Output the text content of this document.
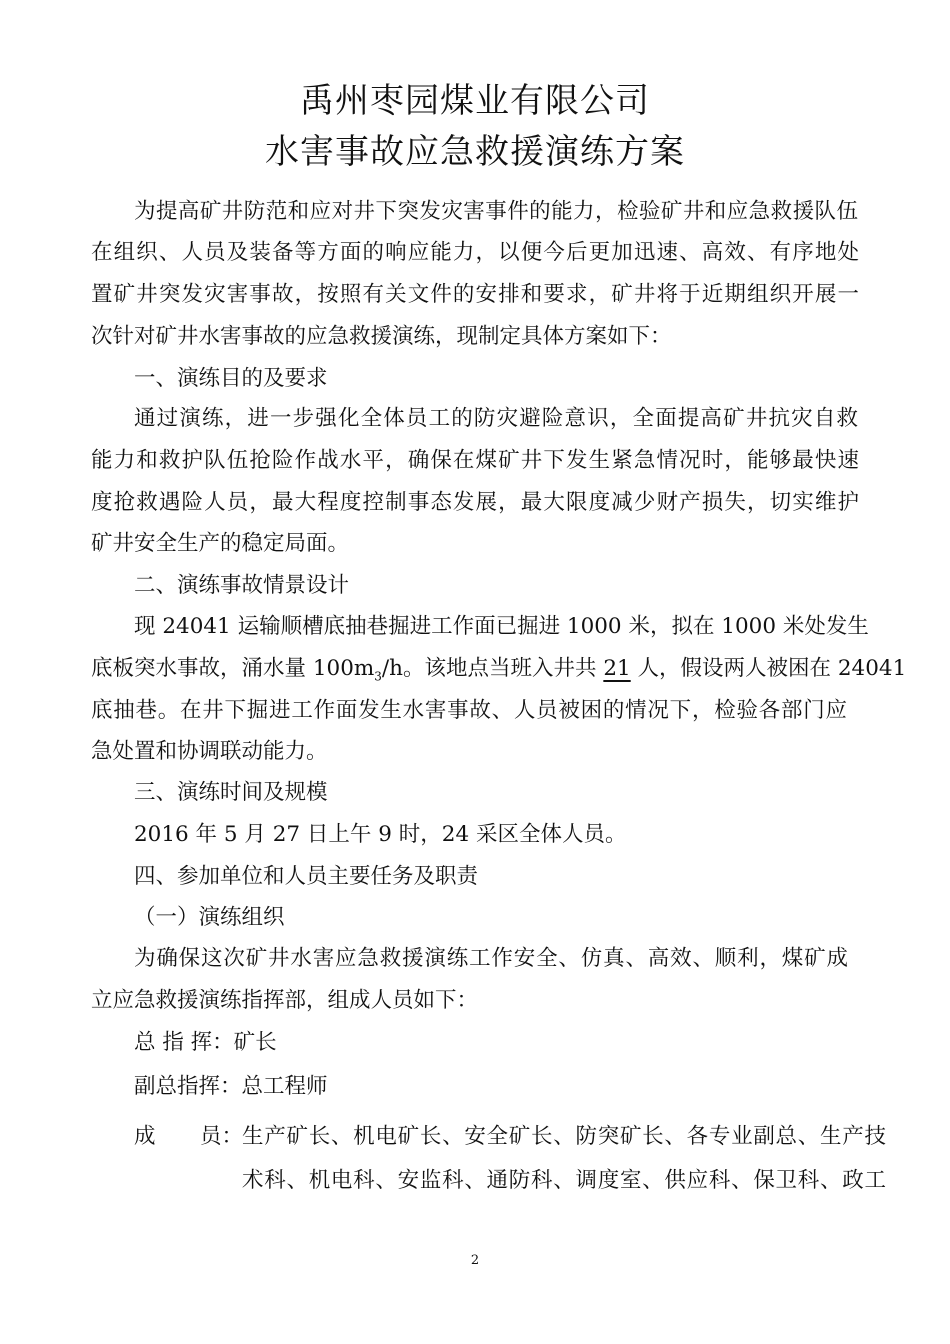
禹州枣园煤业有限公司
水害事故应急救援演练方案
为提高矿井防范和应对井下突发灾害事件的能力，检验矿井和应急救援队伍
在组织、人员及装备等方面的响应能力，以便今后更加迅速、高效、有序地处
置矿井突发灾害事故，按照有关文件的安排和要求，矿井将于近期组织开展一
次针对矿井水害事故的应急救援演练，现制定具体方案如下：
一、演练目的及要求
通过演练，进一步强化全体员工的防灾避险意识，全面提高矿井抗灾自救
能力和救护队伍抢险作战水平，确保在煤矿井下发生紧急情况时，能够最快速
度抢救遇险人员，最大程度控制事态发展，最大限度减少财产损失，切实维护
矿井安全生产的稳定局面。
二、演练事故情景设计
现 24041 运输顺槽底抽巷掘进工作面已掘进 1000 米，拟在 1000 米处发生
底板突水事故，涌水量 $100m_3/h$。该地点当班入井共 21 人，假设两人被困在 24041
底抽巷。在井下掘进工作面发生水害事故、人员被困的情况下，检验各部门应
急处置和协调联动能力。
三、演练时间及规模
2016 年 5 月 27 日上午 9 时，24 采区全体人员。
四、参加单位和人员主要任务及职责
（一）演练组织
为确保这次矿井水害应急救援演练工作安全、仿真、高效、顺利，煤矿成
立应急救援演练指挥部，组成人员如下：
总 指 挥：矿长
副总指挥：总工程师
成 员：
生产矿长、机电矿长、安全矿长、防突矿长、各专业副总、生产技
术科、机电科、安监科、通防科、调度室、供应科、保卫科、政工
2
